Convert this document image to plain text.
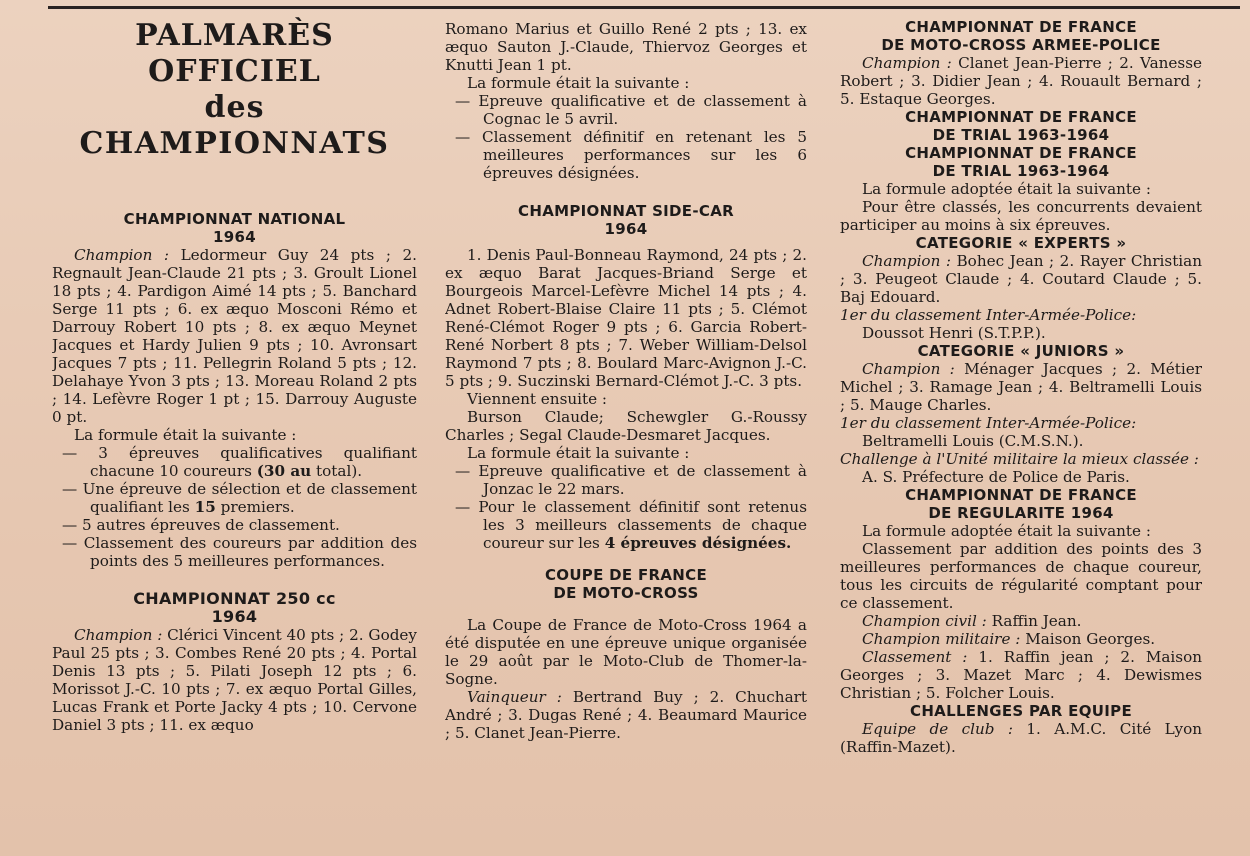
PALMARÈS
OFFICIEL
des
CHAMPIONNATS
CHAMPIONNAT NATIONAL
1964

Champion : Ledormeur Guy 24 pts ; 2. Regnault Jean-Claude 21 pts ; 3. Groult Lionel 18 pts ; 4. Pardigon Aimé 14 pts ; 5. Banchard Serge 11 pts ; 6. ex æquo Mosconi Rémo et Darrouy Robert 10 pts ; 8. ex æquo Meynet Jacques et Hardy Julien 9 pts ; 10. Avronsart Jacques 7 pts ; 11. Pellegrin Roland 5 pts ; 12. Delahaye Yvon 3 pts ; 13. Moreau Roland 2 pts ; 14. Lefèvre Roger 1 pt ; 15. Darrouy Auguste 0 pt.

La formule était la suivante :

— 3 épreuves qualificatives qualifiant chacune 10 coureurs (30 au total).

— Une épreuve de sélection et de classement qualifiant les 15 premiers.

— 5 autres épreuves de classement.

— Classement des coureurs par addition des points des 5 meilleures performances.

CHAMPIONNAT 250 cc
1964

Champion : Clérici Vincent 40 pts ; 2. Godey Paul 25 pts ; 3. Combes René 20 pts ; 4. Portal Denis 13 pts ; 5. Pilati Joseph 12 pts ; 6. Morissot J.-C. 10 pts ; 7. ex æquo Portal Gilles, Lucas Frank et Porte Jacky 4 pts ; 10. Cervone Daniel 3 pts ; 11. ex æquo

Romano Marius et Guillo René 2 pts ; 13. ex æquo Sauton J.-Claude, Thiervoz Georges et Knutti Jean 1 pt.

La formule était la suivante :

— Epreuve qualificative et de classement à Cognac le 5 avril.

— Classement définitif en retenant les 5 meilleures performances sur les 6 épreuves désignées.

CHAMPIONNAT SIDE-CAR
1964

1. Denis Paul-Bonneau Raymond, 24 pts ; 2. ex æquo Barat Jacques-Briand Serge et Bourgeois Marcel-Lefèvre Michel 14 pts ; 4. Adnet Robert-Blaise Claire 11 pts ; 5. Clémot René-Clémot Roger 9 pts ; 6. Garcia Robert-René Norbert 8 pts ; 7. Weber William-Delsol Raymond 7 pts ; 8. Boulard Marc-Avignon J.-C. 5 pts ; 9. Suczinski Bernard-Clémot J.-C. 3 pts.

Viennent ensuite :

Burson Claude; Schewgler G.-Roussy Charles ; Segal Claude-Desmaret Jacques.

La formule était la suivante :

— Epreuve qualificative et de classement à Jonzac le 22 mars.

— Pour le classement définitif sont retenus les 3 meilleurs classements de chaque coureur sur les 4 épreuves désignées.

COUPE DE FRANCE
DE MOTO-CROSS

La Coupe de France de Moto-Cross 1964 a été disputée en une épreuve unique organisée le 29 août par le Moto-Club de Thomer-la-Sogne.

Vainqueur : Bertrand Buy ; 2. Chuchart André ; 3. Dugas René ; 4. Beaumard Maurice ; 5. Clanet Jean-Pierre.

CHAMPIONNAT DE FRANCE
DE MOTO-CROSS ARMEE-POLICE

Champion : Clanet Jean-Pierre ; 2. Vanesse Robert ; 3. Didier Jean ; 4. Rouault Bernard ; 5. Estaque Georges.

CHAMPIONNAT DE FRANCE
DE TRIAL 1963-1964
CHAMPIONNAT DE FRANCE
DE TRIAL 1963-1964

La formule adoptée était la suivante :

Pour être classés, les concurrents devaient participer au moins à six épreuves.

CATEGORIE « EXPERTS »

Champion : Bohec Jean ; 2. Rayer Christian ; 3. Peugeot Claude ; 4. Coutard Claude ; 5. Baj Edouard.

1er du classement Inter-Armée-Police:

Doussot Henri (S.T.P.P.).

CATEGORIE « JUNIORS »

Champion : Ménager Jacques ; 2. Métier Michel ; 3. Ramage Jean ; 4. Beltramelli Louis ; 5. Mauge Charles.

1er du classement Inter-Armée-Police:

Beltramelli Louis (C.M.S.N.).

Challenge à l'Unité militaire la mieux classée :

A. S. Préfecture de Police de Paris.

CHAMPIONNAT DE FRANCE
DE REGULARITE 1964

La formule adoptée était la suivante :

Classement par addition des points des 3 meilleures performances de chaque coureur, tous les circuits de régularité comptant pour ce classement.

Champion civil : Raffin Jean.

Champion militaire : Maison Georges.

Classement : 1. Raffin jean ; 2. Maison Georges ; 3. Mazet Marc ; 4. Dewismes Christian ; 5. Folcher Louis.

CHALLENGES PAR EQUIPE

Equipe de club : 1. A.M.C. Cité Lyon (Raffin-Mazet).
